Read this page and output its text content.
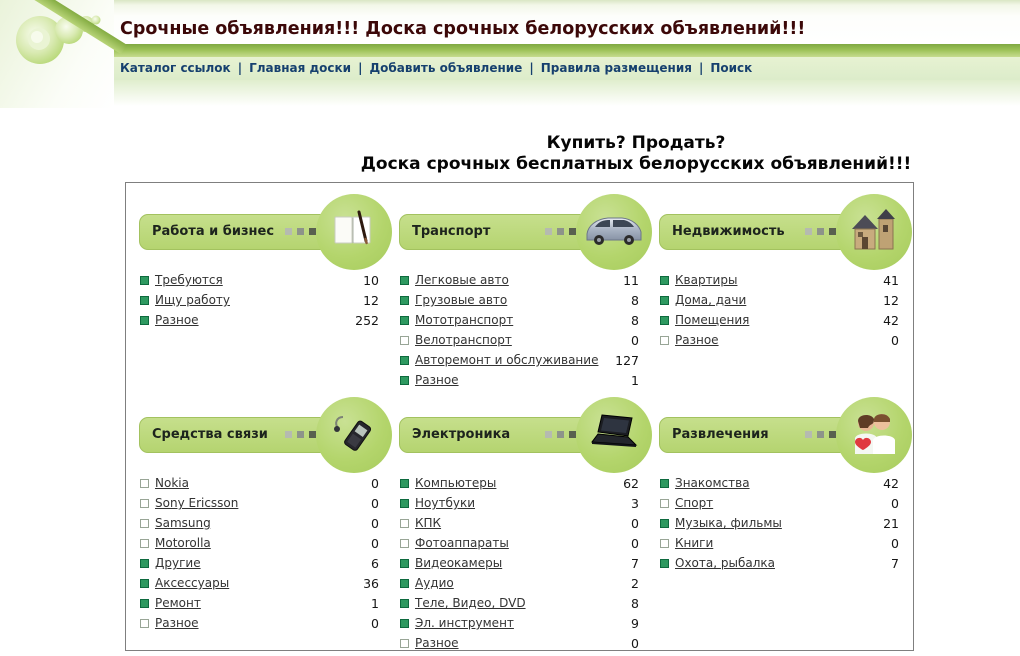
Срочные объявления!!! Доска срочных белорусских объявлений!!!
Каталог ссылок | Главная доски | Добавить объявление | Правила размещения | Поиск
Купить? Продать?
Доска срочных бесплатных белорусских объявлений!!!
Работа и бизнес
Требуются	10
Ищу работу	12
Разное	252
Средства связи
Nokia	0
Sony Ericsson	0
Samsung	0
Motorolla	0
Другие	6
Аксессуары	36
Ремонт	1
Разное	0
Транспорт
Легковые авто	11
Грузовые авто	8
Мототранспорт	8
Велотранспорт	0
Авторемонт и обслуживание 127
Разное	1
Электроника
Компьютеры	62
Ноутбуки	3
КПК	0
Фотоаппараты	0
Видеокамеры	7
Аудио	2
Теле, Видео, DVD	8
Эл. инструмент	9
Разное	0
Недвижимость
Квартиры	41
Дома, дачи	12
Помещения	42
Разное	0
Развлечения
Знакомства	42
Спорт	0
Музыка, фильмы	21
Книги	0
Охота, рыбалка	7
